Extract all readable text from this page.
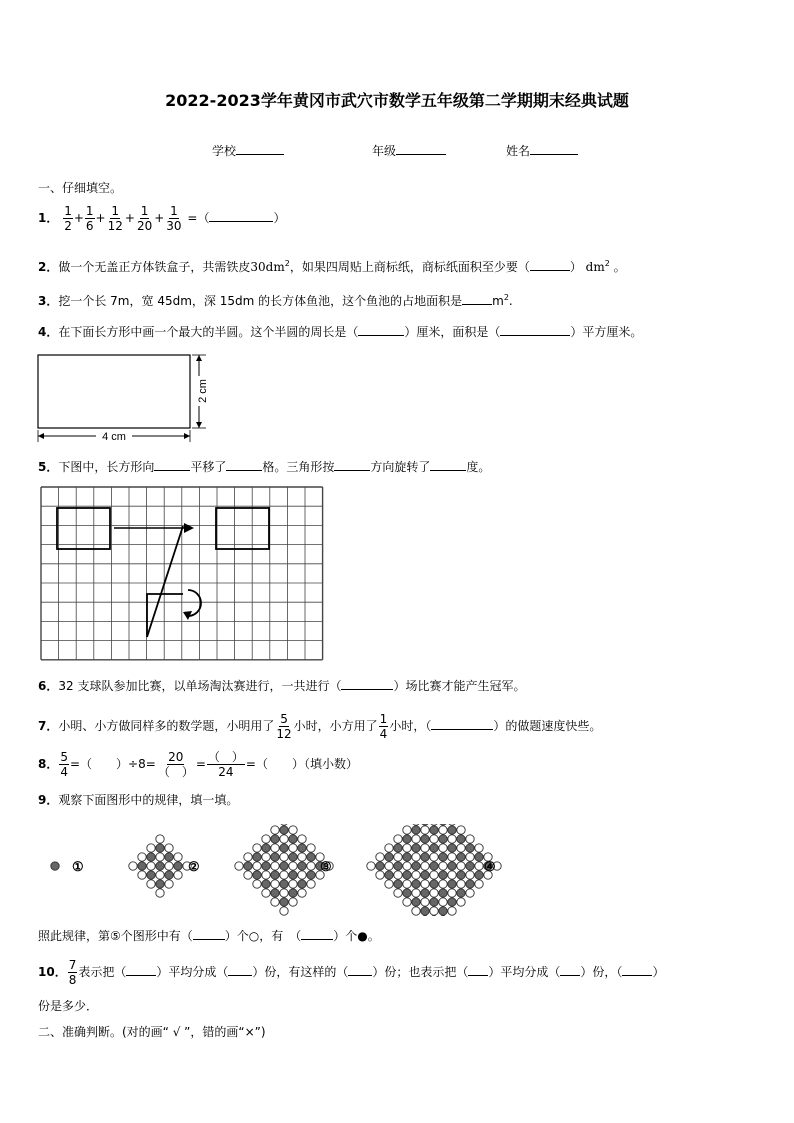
2022-2023学年黄冈市武穴市数学五年级第二学期期末经典试题
学校	年级	姓名
一、仔细填空。
1． $\frac{1}{2} + \frac{1}{6} + \frac{1}{12} + \frac{1}{20} + \frac{1}{30}$ =（	）
2．做一个无盖正方体铁盒子，共需铁皮$30dm^2$，如果四周贴上商标纸，商标纸面积至少要（	） $dm^2$ 。
3．挖一个长 7m，宽 45dm，深 15dm 的长方体鱼池，这个鱼池的占地面积是	$m^2$.
4．在下面长方形中画一个最大的半圆。这个半圆的周长是（	）厘米，面积是（	）平方厘米。
2 cm
4 cm
5．下图中，长方形向	平移了	格。三角形按	方向旋转了	度。
6．32 支球队参加比赛，以单场淘汰赛进行，一共进行（	）场比赛才能产生冠军。
7．小明、小方做同样多的数学题，小明用了 $\frac{5}{12}$ 小时，小方用了 $\frac{1}{4}$ 小时，（	）的做题速度快些。
8． $\frac{5}{4}$ =（　　）$\div 8= \frac{20}{( )} = \frac{( )}{24}$ =（　　）（填小数）
9．观察下面图形中的规律，填一填。
①	②	③	④
照此规律，第⑤个图形中有（	）个○，有　（	）个●。
10． $\frac{7}{8}$ 表示把（	）平均分成（ ）份，有这样的（ ）份；也表示把（ ）平均分成（ ）份，（	）
份是多少．
二、准确判断。(对的画“ √ ”，错的画“×”)
